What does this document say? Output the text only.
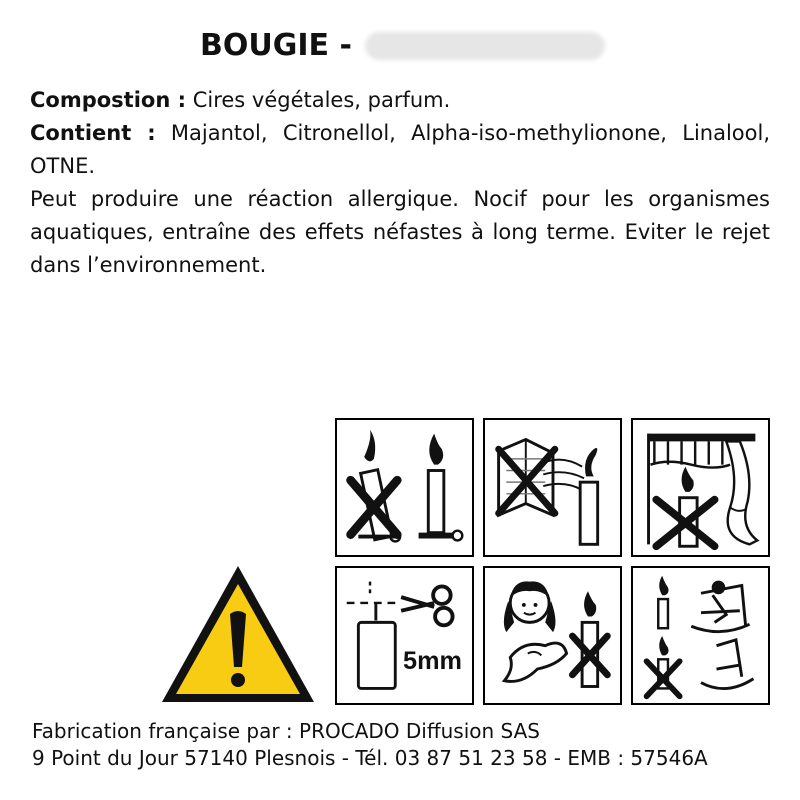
BOUGIE -

Compostion : Cires végétales, parfum.

Contient : Majantol, Citronellol, Alpha-iso-methylionone, Linalool, OTNE.

Peut produire une réaction allergique. Nocif pour les organismes aquatiques, entraîne des effets néfastes à long terme. Eviter le rejet dans l’environnement.

5mm

Fabrication française par : PROCADO Diffusion SAS

9 Point du Jour 57140 Plesnois - Tél. 03 87 51 23 58 - EMB : 57546A
